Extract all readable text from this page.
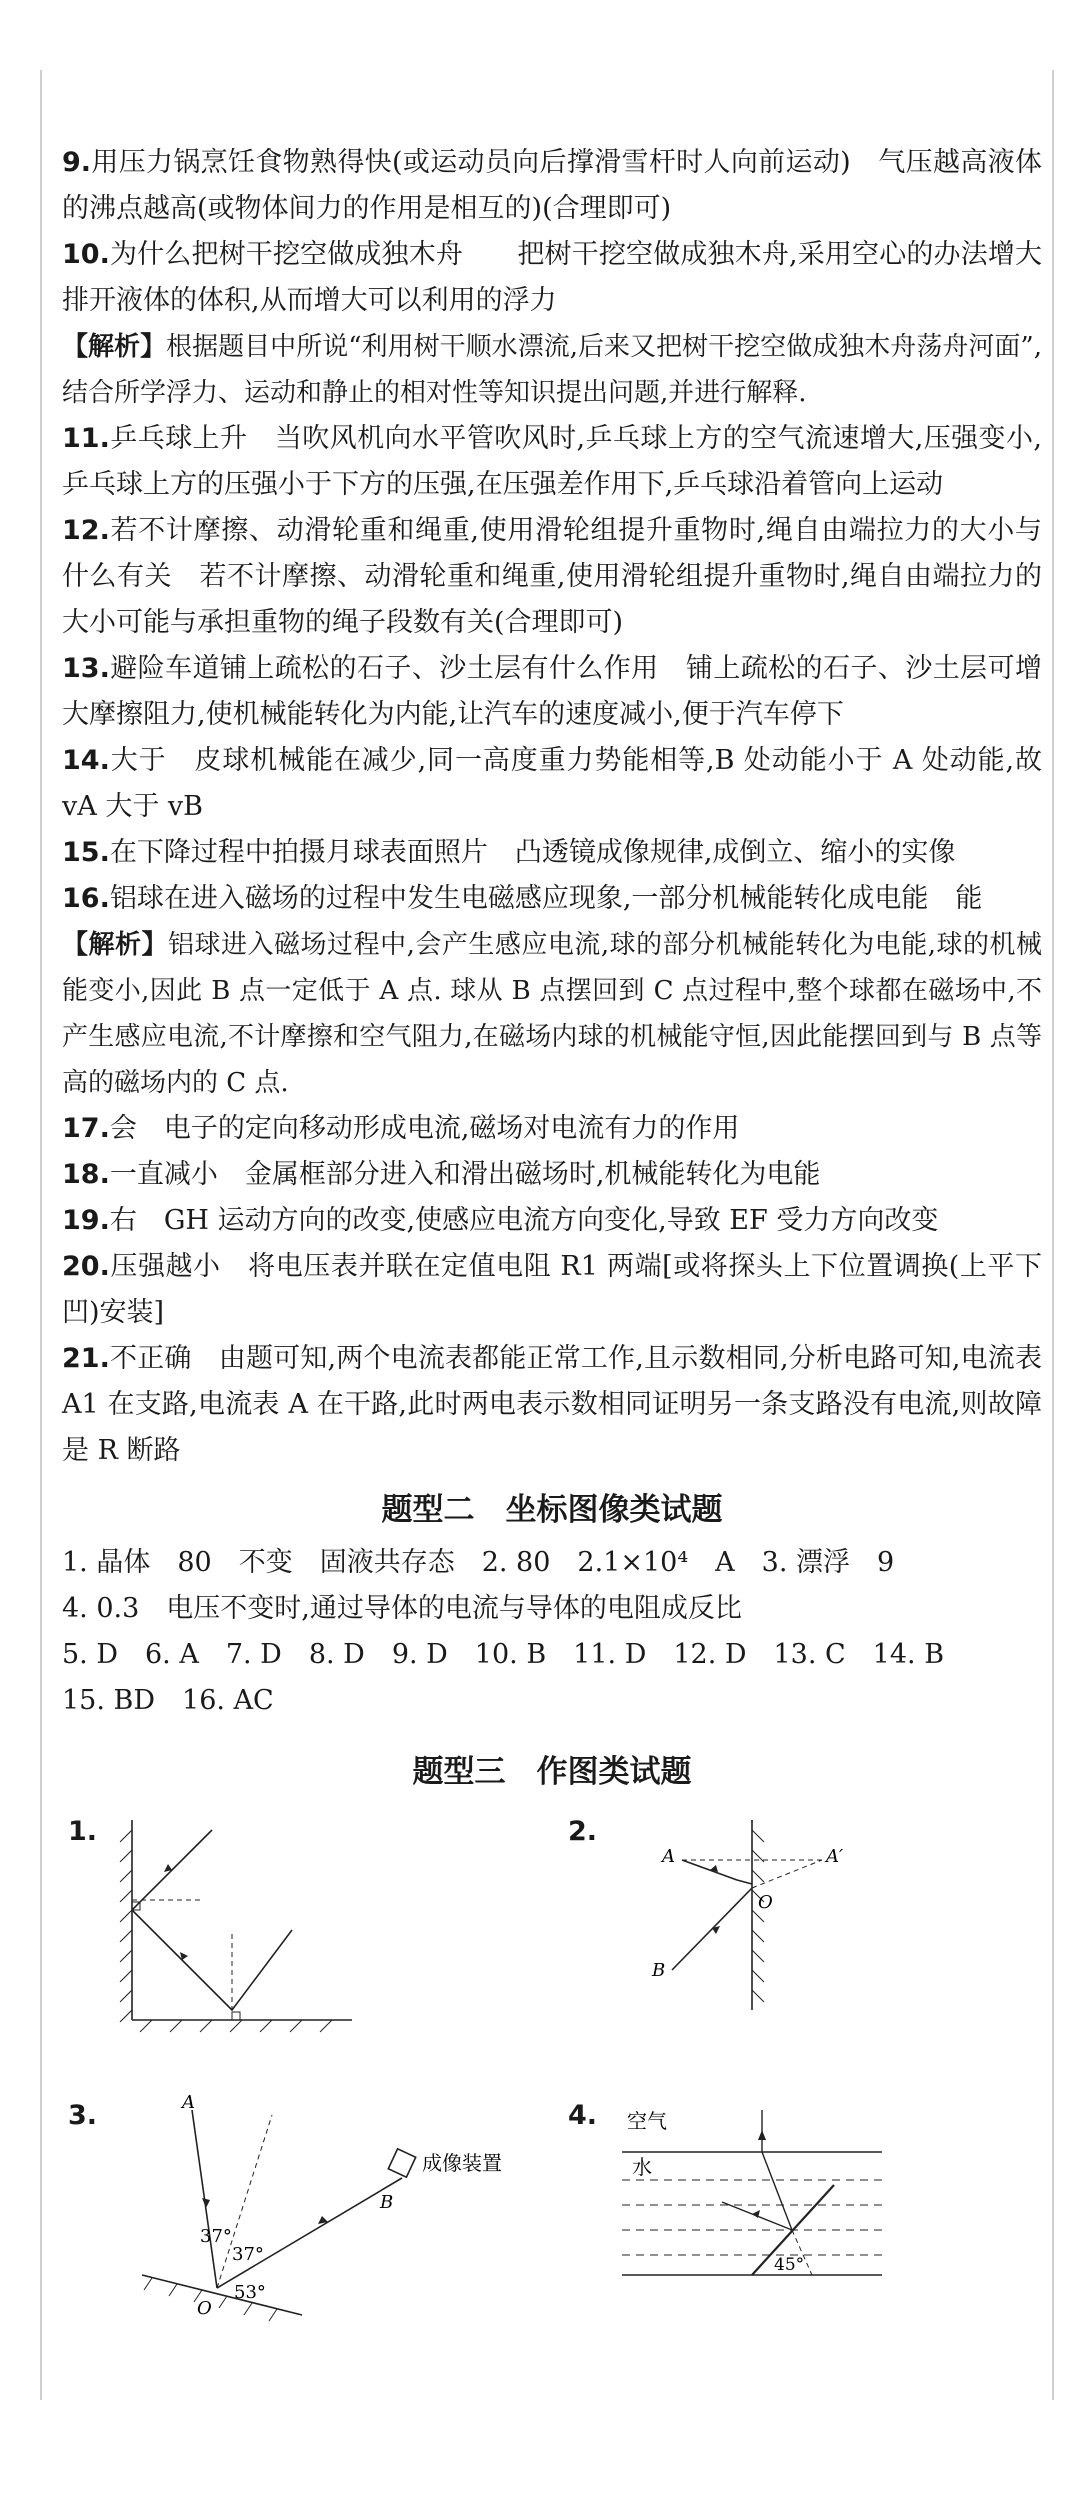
9.用压力锅烹饪食物熟得快(或运动员向后撑滑雪杆时人向前运动)　气压越高液体的沸点越高(或物体间力的作用是相互的)(合理即可)
10.为什么把树干挖空做成独木舟　　把树干挖空做成独木舟,采用空心的办法增大排开液体的体积,从而增大可以利用的浮力
【解析】根据题目中所说“利用树干顺水漂流,后来又把树干挖空做成独木舟荡舟河面”,结合所学浮力、运动和静止的相对性等知识提出问题,并进行解释.
11.乒乓球上升　当吹风机向水平管吹风时,乒乓球上方的空气流速增大,压强变小,乒乓球上方的压强小于下方的压强,在压强差作用下,乒乓球沿着管向上运动
12.若不计摩擦、动滑轮重和绳重,使用滑轮组提升重物时,绳自由端拉力的大小与什么有关　若不计摩擦、动滑轮重和绳重,使用滑轮组提升重物时,绳自由端拉力的大小可能与承担重物的绳子段数有关(合理即可)
13.避险车道铺上疏松的石子、沙土层有什么作用　铺上疏松的石子、沙土层可增大摩擦阻力,使机械能转化为内能,让汽车的速度减小,便于汽车停下
14.大于　皮球机械能在减少,同一高度重力势能相等,B 处动能小于 A 处动能,故 vA 大于 vB
15.在下降过程中拍摄月球表面照片　凸透镜成像规律,成倒立、缩小的实像
16.铝球在进入磁场的过程中发生电磁感应现象,一部分机械能转化成电能　能
【解析】铝球进入磁场过程中,会产生感应电流,球的部分机械能转化为电能,球的机械能变小,因此 B 点一定低于 A 点. 球从 B 点摆回到 C 点过程中,整个球都在磁场中,不产生感应电流,不计摩擦和空气阻力,在磁场内球的机械能守恒,因此能摆回到与 B 点等高的磁场内的 C 点.
17.会　电子的定向移动形成电流,磁场对电流有力的作用
18.一直减小　金属框部分进入和滑出磁场时,机械能转化为电能
19.右　GH 运动方向的改变,使感应电流方向变化,导致 EF 受力方向改变
20.压强越小　将电压表并联在定值电阻 R1 两端[或将探头上下位置调换(上平下凹)安装]
21.不正确　由题可知,两个电流表都能正常工作,且示数相同,分析电路可知,电流表 A1 在支路,电流表 A 在干路,此时两电表示数相同证明另一条支路没有电流,则故障是 R 断路
题型二　坐标图像类试题
1. 晶体　80　不变　固液共存态　2. 80　2.1×10⁴　A　3. 漂浮　9
4. 0.3　电压不变时,通过导体的电流与导体的电阻成反比
5. D　6. A　7. D　8. D　9. D　10. B　11. D　12. D　13. C　14. B
15. BD　16. AC
题型三　作图类试题
1.	2.
3.	4.
A	A′
O
B
A
B
O
37°
37°
53°
成像装置
空气
水
45°
